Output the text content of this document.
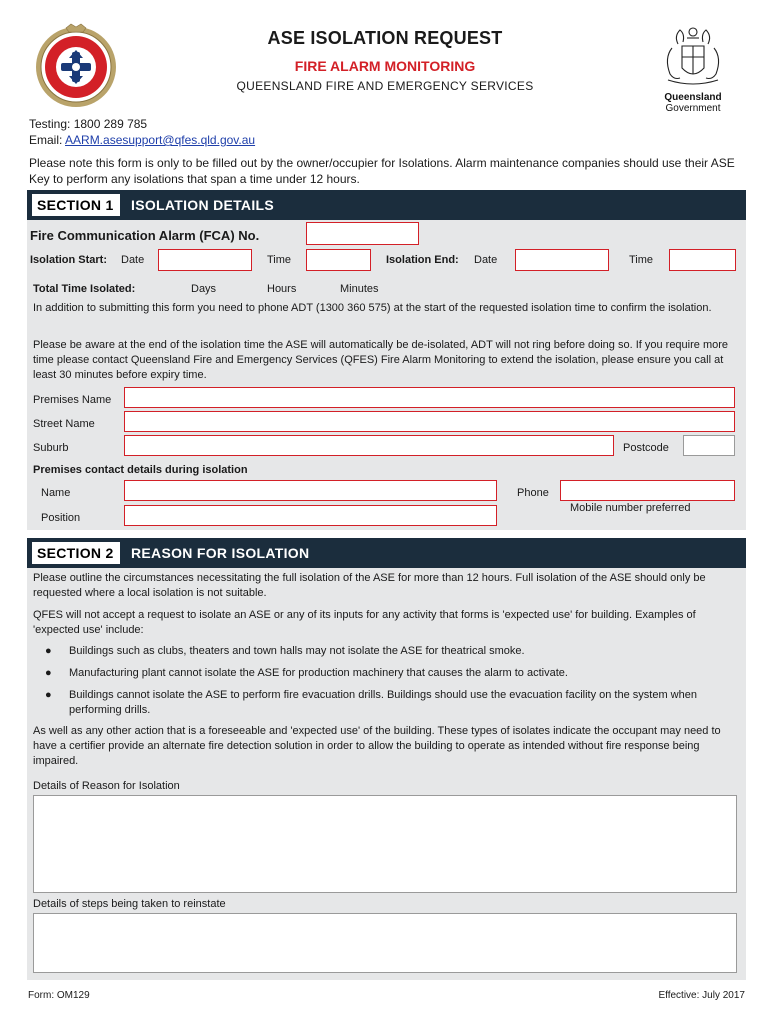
ASE ISOLATION REQUEST
FIRE ALARM MONITORING
QUEENSLAND FIRE AND EMERGENCY SERVICES
Queensland
Government
Testing: 1800 289 785
Email: AARM.asesupport@qfes.qld.gov.au
Please note this form is only to be filled out by the owner/occupier for Isolations. Alarm maintenance companies should use their ASE Key to perform any isolations that span a time under 12 hours.
SECTION 1	ISOLATION DETAILS
Fire Communication Alarm (FCA) No.
Isolation Start: Date	Time	Isolation End: Date	Time
Total Time Isolated:	Days	Hours	Minutes
In addition to submitting this form you need to phone ADT (1300 360 575) at the start of the requested isolation time to confirm the isolation.
Please be aware at the end of the isolation time the ASE will automatically be de-isolated, ADT will not ring before doing so. If you require more time please contact Queensland Fire and Emergency Services (QFES) Fire Alarm Monitoring to extend the isolation, please ensure you call at least 30 minutes before expiry time.
Premises Name
Street Name
Suburb	Postcode
Premises contact details during isolation
Name	Phone
Mobile number preferred
Position
SECTION 2	REASON FOR ISOLATION
Please outline the circumstances necessitating the full isolation of the ASE for more than 12 hours. Full isolation of the ASE should only be requested where a local isolation is not suitable.
QFES will not accept a request to isolate an ASE or any of its inputs for any activity that forms is 'expected use' for building. Examples of 'expected use' include:
● Buildings such as clubs, theaters and town halls may not isolate the ASE for theatrical smoke.
● Manufacturing plant cannot isolate the ASE for production machinery that causes the alarm to activate.
● Buildings cannot isolate the ASE to perform fire evacuation drills. Buildings should use the evacuation facility on the system when performing drills.
As well as any other action that is a foreseeable and 'expected use' of the building. These types of isolates indicate the occupant may need to have a certifier provide an alternate fire detection solution in order to allow the building to operate as intended without fire response being impaired.
Details of Reason for Isolation
Details of steps being taken to reinstate
Form: OM129	Effective: July 2017
